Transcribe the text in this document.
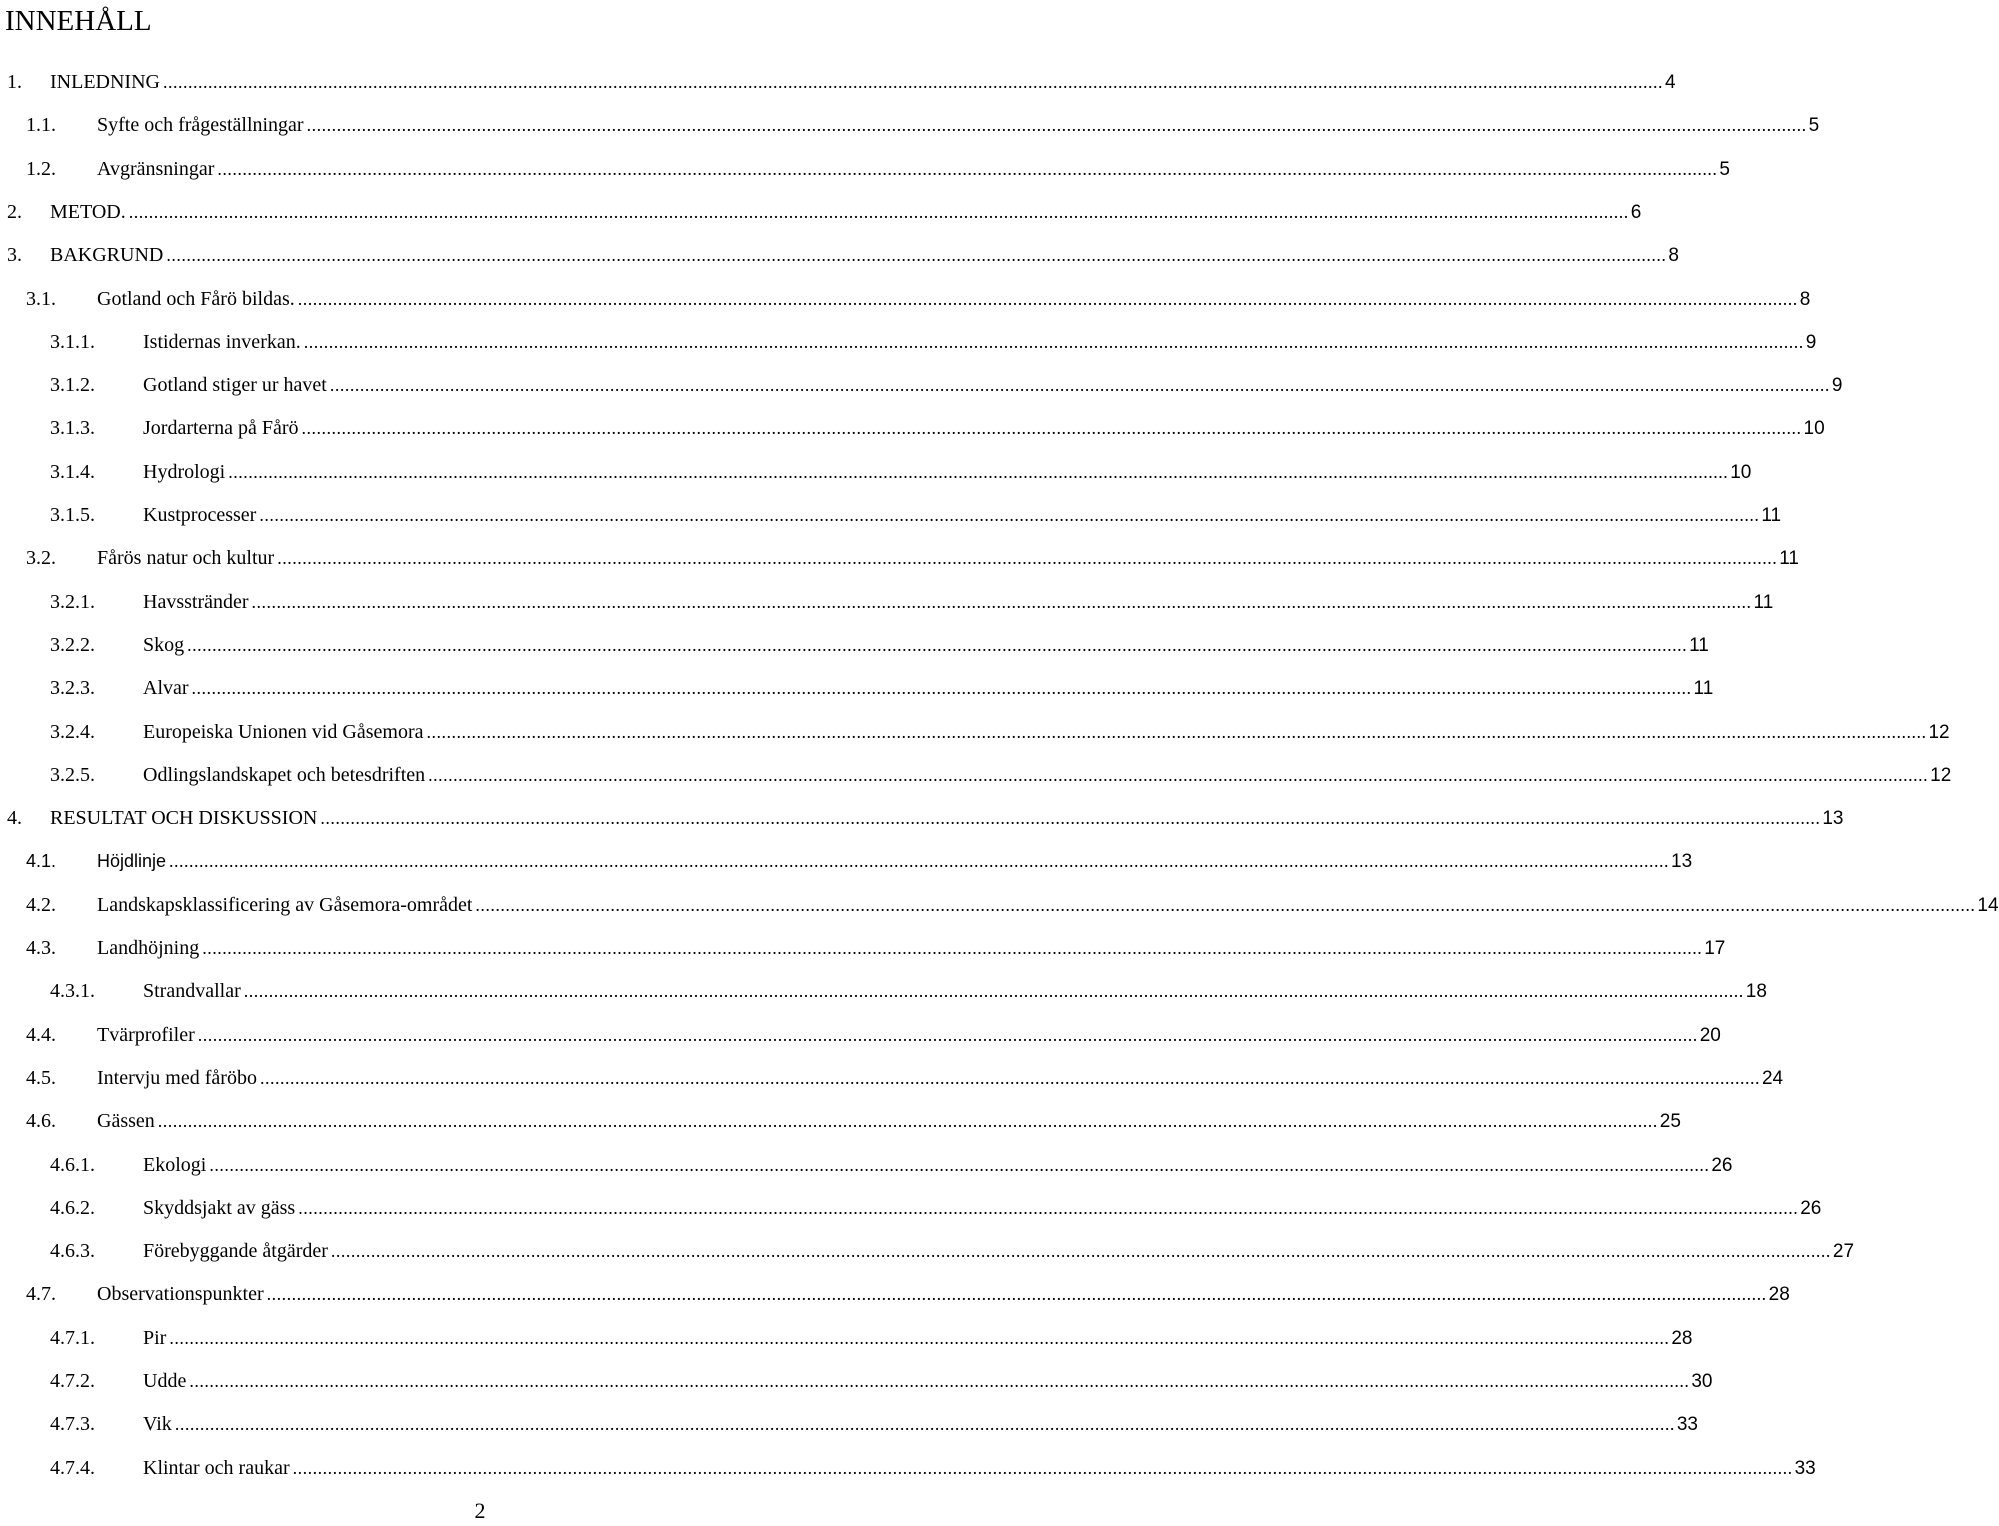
INNEHÅLL
1. INLEDNING ............................................................................................................................................................................................................................................................................................................ 4
1.1. Syfte och frågeställningar ............................................................................................................................................................................................................................................................................................................ 5
1.2. Avgränsningar ............................................................................................................................................................................................................................................................................................................ 5
2. METOD. ............................................................................................................................................................................................................................................................................................................ 6
3. BAKGRUND ............................................................................................................................................................................................................................................................................................................ 8
3.1. Gotland och Fårö bildas. ............................................................................................................................................................................................................................................................................................................ 8
3.1.1. Istidernas inverkan. ............................................................................................................................................................................................................................................................................................................ 9
3.1.2. Gotland stiger ur havet ............................................................................................................................................................................................................................................................................................................ 9
3.1.3. Jordarterna på Fårö ............................................................................................................................................................................................................................................................................................................ 10
3.1.4. Hydrologi ............................................................................................................................................................................................................................................................................................................ 10
3.1.5. Kustprocesser ............................................................................................................................................................................................................................................................................................................ 11
3.2. Fårös natur och kultur ............................................................................................................................................................................................................................................................................................................ 11
3.2.1. Havsstränder ............................................................................................................................................................................................................................................................................................................ 11
3.2.2. Skog ............................................................................................................................................................................................................................................................................................................ 11
3.2.3. Alvar ............................................................................................................................................................................................................................................................................................................ 11
3.2.4. Europeiska Unionen vid Gåsemora ............................................................................................................................................................................................................................................................................................................ 12
3.2.5. Odlingslandskapet och betesdriften ............................................................................................................................................................................................................................................................................................................ 12
4. RESULTAT OCH DISKUSSION ............................................................................................................................................................................................................................................................................................................ 13
4.1. Höjdlinje ............................................................................................................................................................................................................................................................................................................ 13
4.2. Landskapsklassificering av Gåsemora-området ............................................................................................................................................................................................................................................................................................................ 14
4.3. Landhöjning ............................................................................................................................................................................................................................................................................................................ 17
4.3.1. Strandvallar ............................................................................................................................................................................................................................................................................................................ 18
4.4. Tvärprofiler ............................................................................................................................................................................................................................................................................................................ 20
4.5. Intervju med fåröbo ............................................................................................................................................................................................................................................................................................................ 24
4.6. Gässen ............................................................................................................................................................................................................................................................................................................ 25
4.6.1. Ekologi ............................................................................................................................................................................................................................................................................................................ 26
4.6.2. Skyddsjakt av gäss ............................................................................................................................................................................................................................................................................................................ 26
4.6.3. Förebyggande åtgärder ............................................................................................................................................................................................................................................................................................................ 27
4.7. Observationspunkter ............................................................................................................................................................................................................................................................................................................ 28
4.7.1. Pir ............................................................................................................................................................................................................................................................................................................ 28
4.7.2. Udde ............................................................................................................................................................................................................................................................................................................ 30
4.7.3. Vik ............................................................................................................................................................................................................................................................................................................ 33
4.7.4. Klintar och raukar ............................................................................................................................................................................................................................................................................................................ 33
2
